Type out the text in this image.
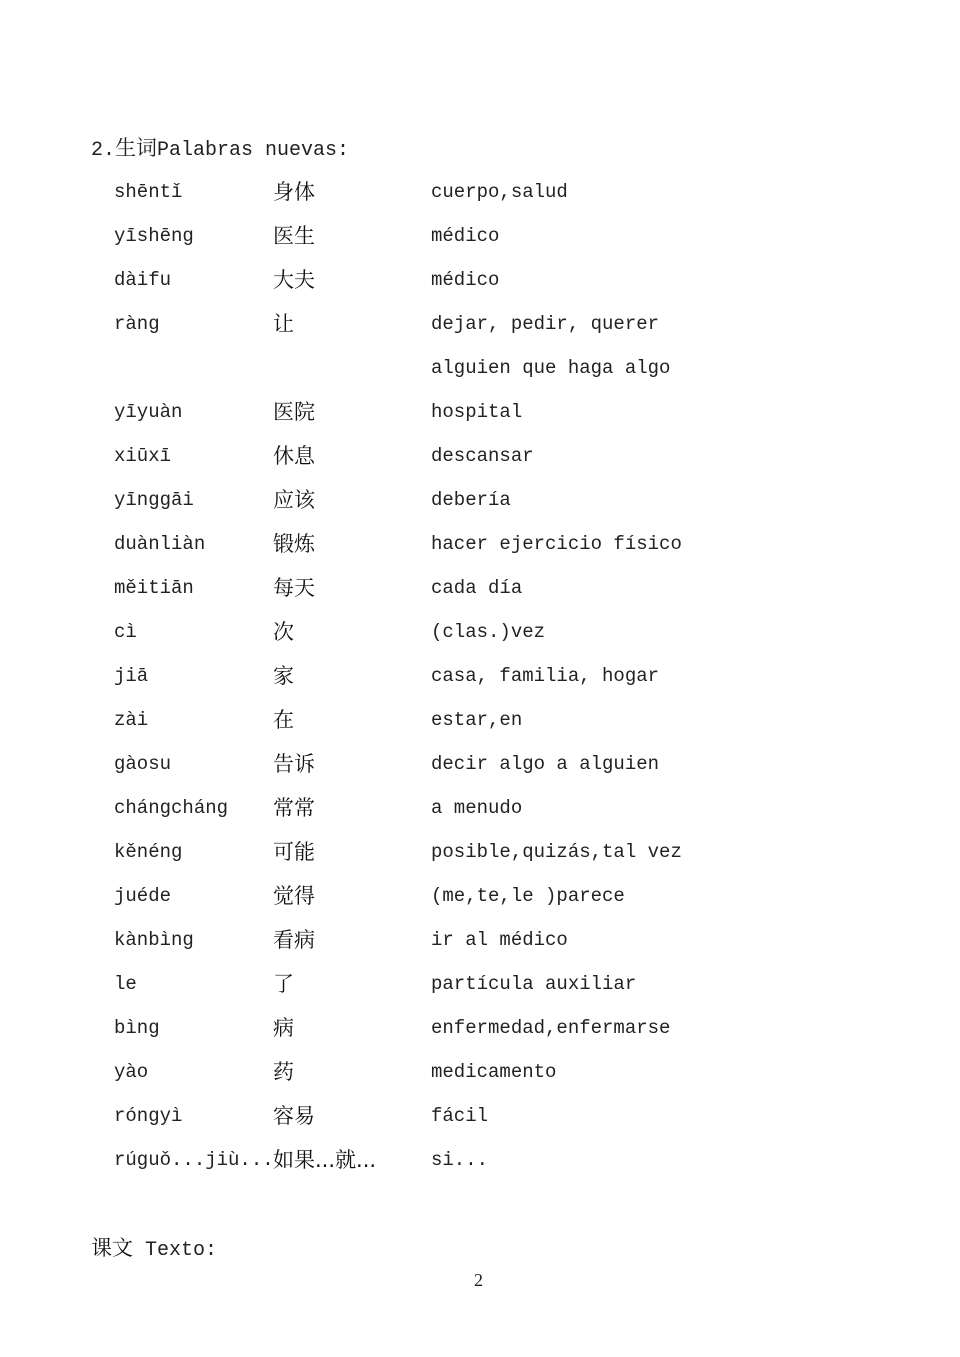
2.生词Palabras nuevas:
shēntǐ	身体	cuerpo,salud
yīshēng	医生	médico
dàifu	大夫	médico
ràng	让	dejar, pedir, querer
alguien que haga algo
yīyuàn	医院	hospital
xiūxī	休息	descansar
yīnggāi	应该	debería
duànliàn	锻炼	hacer ejercicio físico
měitiān	每天	cada día
cì	次	(clas.)vez
jiā	家	casa, familia, hogar
zài	在	estar,en
gàosu	告诉	decir algo a alguien
chángcháng 常常	a menudo
kěnéng	可能	posible,quizás,tal vez
juéde	觉得	(me,te,le )parece
kànbìng	看病	ir al médico
le	了	partícula auxiliar
bìng	病	enfermedad,enfermarse
yào	药	medicamento
róngyì	容易	fácil
rúguǒ...jiù... 如果...就...	si...
课文 Texto:
2
